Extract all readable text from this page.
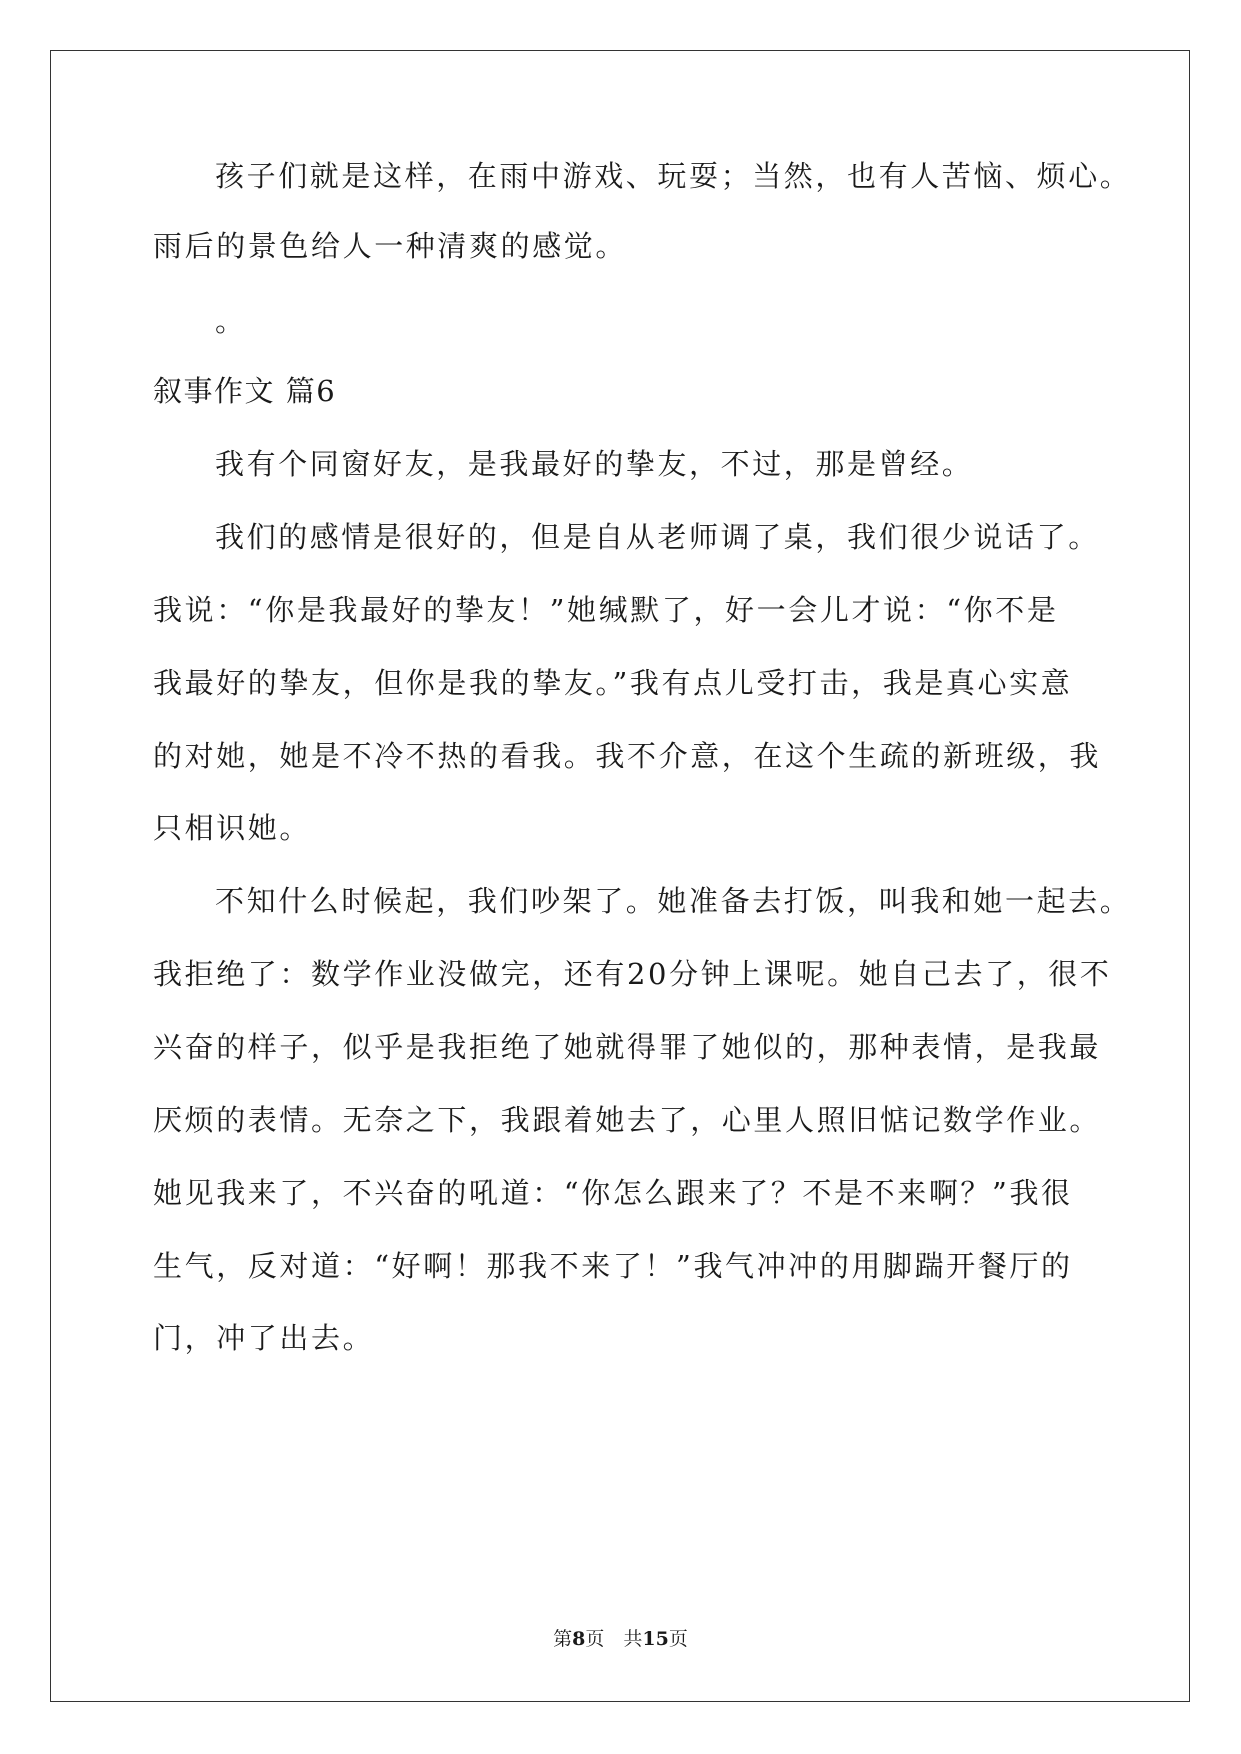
孩子们就是这样，在雨中游戏、玩耍；当然，也有人苦恼、烦心。
雨后的景色给人一种清爽的感觉。
。
叙事作文 篇6
我有个同窗好友，是我最好的挚友，不过，那是曾经。
我们的感情是很好的，但是自从老师调了桌，我们很少说话了。
我说：“你是我最好的挚友！”她缄默了，好一会儿才说：“你不是
我最好的挚友，但你是我的挚友。”我有点儿受打击，我是真心实意
的对她，她是不冷不热的看我。我不介意，在这个生疏的新班级，我
只相识她。
不知什么时候起，我们吵架了。她准备去打饭，叫我和她一起去。
我拒绝了：数学作业没做完，还有20分钟上课呢。她自己去了，很不
兴奋的样子，似乎是我拒绝了她就得罪了她似的，那种表情，是我最
厌烦的表情。无奈之下，我跟着她去了，心里人照旧惦记数学作业。
她见我来了，不兴奋的吼道：“你怎么跟来了？不是不来啊？”我很
生气，反对道：“好啊！那我不来了！”我气冲冲的用脚踹开餐厅的
门，冲了出去。
第8页　共15页
